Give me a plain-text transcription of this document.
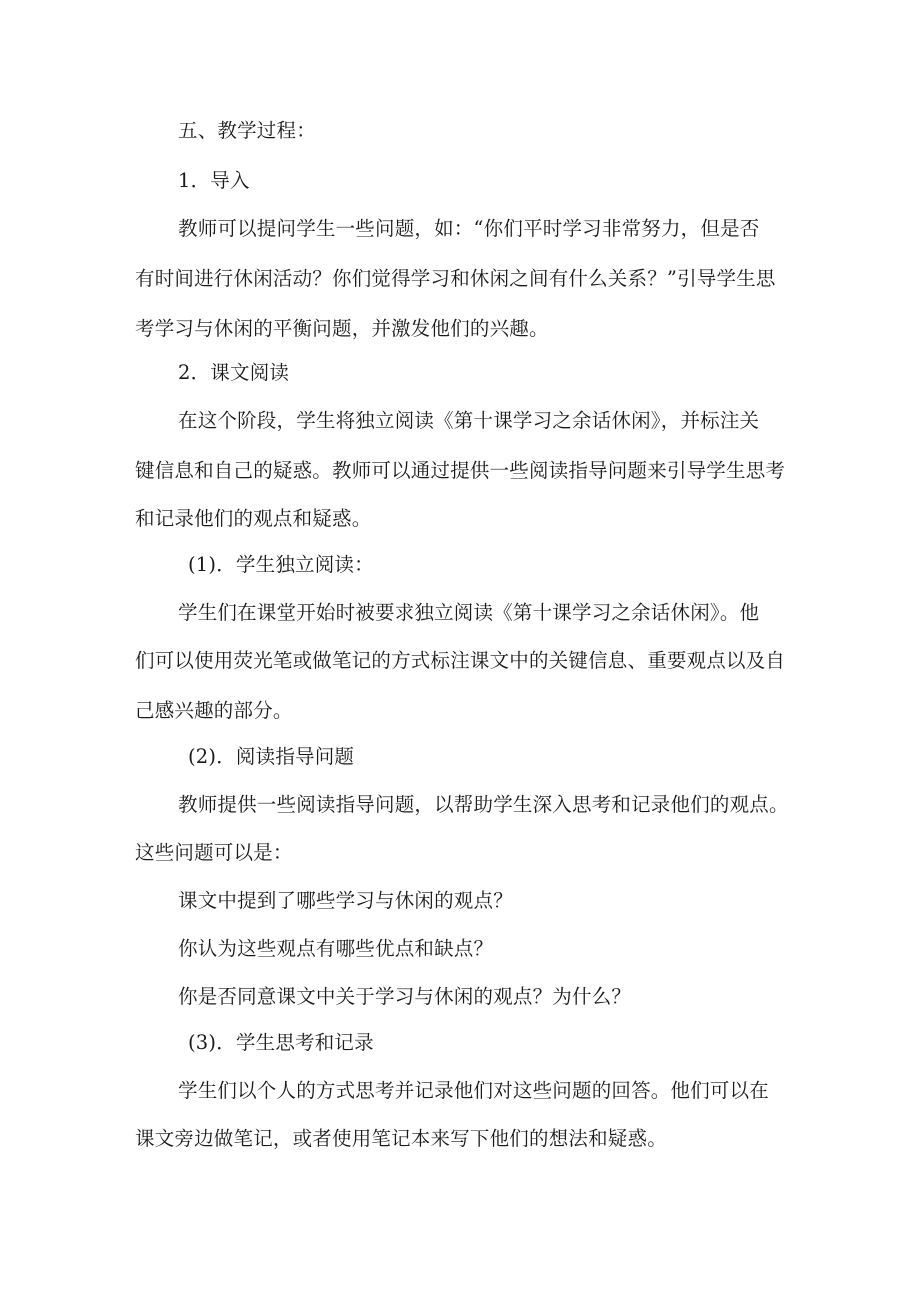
五、教学过程：
1．导入
教师可以提问学生一些问题，如：“你们平时学习非常努力，但是否
有时间进行休闲活动？你们觉得学习和休闲之间有什么关系？”引导学生思
考学习与休闲的平衡问题，并激发他们的兴趣。
2．课文阅读
在这个阶段，学生将独立阅读《第十课学习之余话休闲》，并标注关
键信息和自己的疑惑。教师可以通过提供一些阅读指导问题来引导学生思考
和记录他们的观点和疑惑。
(1)．学生独立阅读：
学生们在课堂开始时被要求独立阅读《第十课学习之余话休闲》。他
们可以使用荧光笔或做笔记的方式标注课文中的关键信息、重要观点以及自
己感兴趣的部分。
(2)．阅读指导问题
教师提供一些阅读指导问题，以帮助学生深入思考和记录他们的观点。
这些问题可以是：
课文中提到了哪些学习与休闲的观点？
你认为这些观点有哪些优点和缺点？
你是否同意课文中关于学习与休闲的观点？为什么？
(3)．学生思考和记录
学生们以个人的方式思考并记录他们对这些问题的回答。他们可以在
课文旁边做笔记，或者使用笔记本来写下他们的想法和疑惑。
